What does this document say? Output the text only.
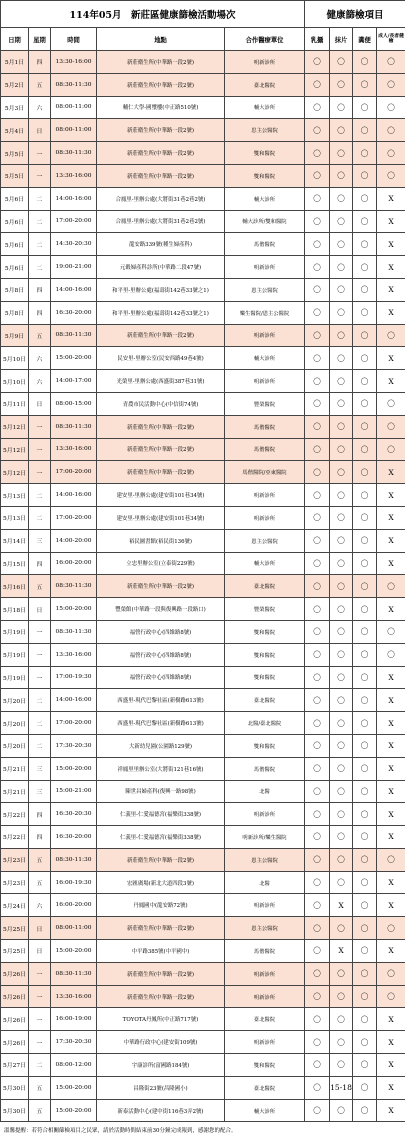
114年05月　新莊區健康篩檢活動場次					健康篩檢項目			
日期	星期	時間	地點	合作醫療單位	乳攝	抹片	糞便	成人/長者健檢
5月1日	四	13:30-16:00	新莊衛生所(中華路一段2號)	明新診所	〇	〇	〇	〇
5月2日	五	08:30-11:30	新莊衛生所(中華路一段2號)	臺北醫院	〇	〇	〇	〇
5月3日	六	08:00-11:00	輔仁大學-國璽樓(中正路510號)	輔大診所	〇	〇	〇	〇
5月4日	日	08:00-11:00	新莊衛生所(中華路一段2號)	思主公醫院	〇	〇	〇	〇
5月5日	一	08:30-11:30	新莊衛生所(中華路一段2號)	雙和醫院	〇	〇	〇	〇
5月5日	一	13:30-16:00	新莊衛生所(中華路一段2號)	雙和醫院	〇	〇	〇	〇
5月6日	二	14:00-16:00	合鳳里-里辦公處(大將街31巷2巷2號)	輔大診所	〇	〇	〇	X
5月6日	二	17:00-20:00	合鳳里-里辦公處(大將街31巷2巷2號)	輔大診所/雙和醫院	〇	〇	〇	X
5月6日	二	14:30-20:30	龍安路339號(種生婦產科)	馬偕醫院	〇	〇	〇	X
5月6日	二	19:00-21:00	元穀婦產科診所(中華路二段47號)	明新診所	〇	〇	〇	X
5月8日	四	14:00-16:00	和平里-里辦公處(福壽街142巷33號之1)	恩主公醫院	〇	〇	〇	X
5月8日	四	16:30-20:00	和平里-里辦公處(福壽街142巷33號之1)	樂生醫院/恩主公醫院	〇	〇	〇	X
5月9日	五	08:30-11:30	新莊衛生所(中華路一段2號)	明新診所	〇	〇	〇	〇
5月10日	六	15:00-20:00	民安里-里辦公室(民安西路49巷4號)	輔大診所	〇	〇	〇	X
5月10日	六	14:00-17:00	光榮里-里辦公處(西盛街387巷31號)	明新診所	〇	〇	〇	X
5月11日	日	08:00-15:00	青農市民活動中心(中信街74號)	豐榮醫院	〇	〇	〇	〇
5月12日	一	08:30-11:30	新莊衛生所(中華路一段2號)	馬偕醫院	〇	〇	〇	〇
5月12日	一	13:30-16:00	新莊衛生所(中華路一段2號)	馬偕醫院	〇	〇	〇	〇
5月12日	一	17:00-20:00	新莊衛生所(中華路一段2號)	馬偕醫院/亞東醫院	〇	〇	〇	X
5月13日	二	14:00-16:00	建安里-里辦公處(建安街101巷34號)	明新診所	〇	〇	〇	X
5月13日	二	17:00-20:00	建安里-里辦公處(建安街101巷34號)	明新診所	〇	〇	〇	X
5月14日	三	14:00-20:00	裕民圖書館(裕民街136號)	恩主公醫院	〇	〇	〇	X
5月15日	四	16:00-20:00	立忠里辦公室(立泰街229號)	輔大診所	〇	〇	〇	X
5月16日	五	08:30-11:30	新莊衛生所(中華路一段2號)	臺北醫院	〇	〇	〇	〇
5月18日	日	15:00-20:00	豐榮館(中華路一段與復興路一段路口)	豐榮醫院	〇	〇	〇	X
5月19日	一	08:30-11:30	福營行政中心(四維路8號)	雙和醫院	〇	〇	〇	〇
5月19日	一	13:30-16:00	福營行政中心(四維路8號)	雙和醫院	〇	〇	〇	〇
5月19日	一	17:00-19:30	福營行政中心(四維路8號)	雙和醫院	〇	〇	〇	X
5月20日	二	14:00-16:00	西盛里-現代巴黎社區(新樹路613號)	臺北醫院	〇	〇	〇	X
5月20日	二	17:00-20:00	西盛里-現代巴黎社區(新樹路613號)	北醫/臺北醫院	〇	〇	〇	X
5月20日	二	17:30-20:30	大新幼兒園(公園路129號)	雙和醫院	〇	〇	〇	X
5月21日	三	15:00-20:00	祥鳳里里辦公室(大將街121巷16號)	馬偕醫院	〇	〇	〇	X
5月21日	三	15:00-21:00	陳世昌婦產科(復興一路98號)	北醫	〇	〇	〇	X
5月22日	四	16:30-20:30	仁義里-仁愛福德宮(福樂街338號)	明新診所	〇	〇	〇	X
5月22日	四	16:30-20:00	仁義里-仁愛福德宮(福樂街338號)	明新診所/樂生醫院	〇	〇	〇	X
5月23日	五	08:30-11:30	新莊衛生所(中華路一段2號)	恩主公醫院	〇	〇	〇	〇
5月23日	五	16:00-19:30	宏匯廣場(新北大道四段3號)	北醫	〇	〇	〇	X
5月24日	六	16:00-20:00	丹鳳國中(龍安路72號)	明新診所	〇	X	〇	X
5月25日	日	08:00-11:00	新莊衛生所(中華路一段2號)	恩主公醫院	〇	〇	〇	〇
5月25日	日	15:00-20:00	中平路385號(中平國中)	馬偕醫院	〇	X	〇	X
5月26日	一	08:30-11:30	新莊衛生所(中華路一段2號)	明新診所	〇	〇	〇	〇
5月26日	一	13:30-16:00	新莊衛生所(中華路一段2號)	明新診所	〇	〇	〇	〇
5月26日	一	16:00-19:00	TOYOTA丹鳳所(中正路717號)	臺北醫院	〇	〇	〇	X
5月26日	一	17:30-20:30	中華路行政中心(建安街109號)	明新診所	〇	〇	〇	X
5月27日	二	08:00-12:00	宇康診所(富國路184號)	雙和醫院	〇	〇	〇	X
5月30日	五	15:00-20:00	昌隆街23號(昌隆國小)	臺北醫院	〇	15-18	〇	X
5月30日	五	15:00-20:00	新泰活動中心(建中街116巷3弄2號)	輔大診所	〇	〇	〇	X
溫馨提醒：若符合相關篩檢項目之民眾，請於活動時間結束前30分鐘完成報到，感謝您的配合。
